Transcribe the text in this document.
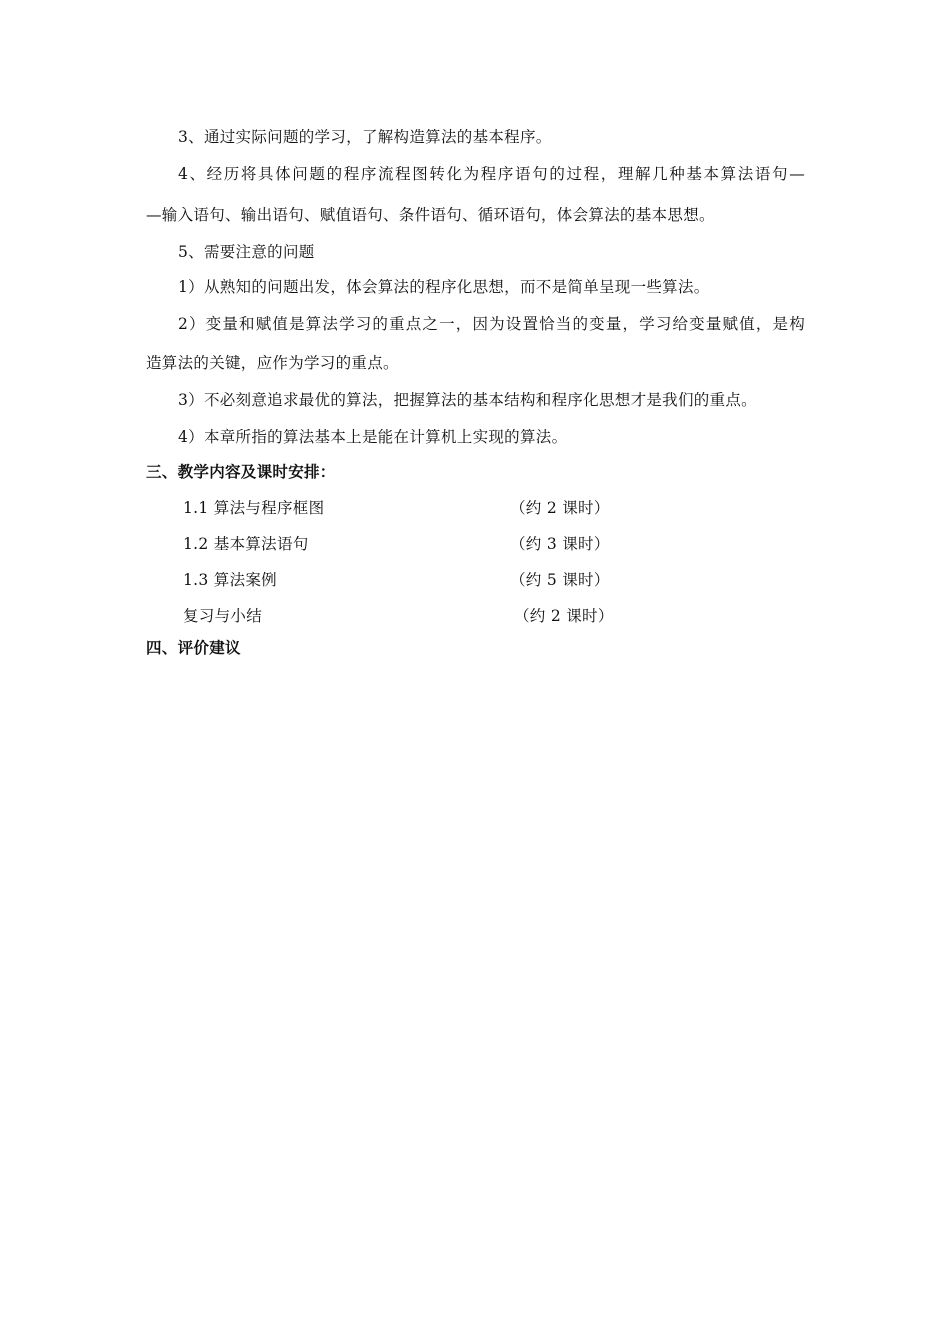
3、通过实际问题的学习，了解构造算法的基本程序。
4、经历将具体问题的程序流程图转化为程序语句的过程，理解几种基本算法语句—
—输入语句、输出语句、赋值语句、条件语句、循环语句，体会算法的基本思想。
5、需要注意的问题
1）从熟知的问题出发，体会算法的程序化思想，而不是简单呈现一些算法。
2）变量和赋值是算法学习的重点之一，因为设置恰当的变量，学习给变量赋值，是构
造算法的关键，应作为学习的重点。
3）不必刻意追求最优的算法，把握算法的基本结构和程序化思想才是我们的重点。
4）本章所指的算法基本上是能在计算机上实现的算法。
三、教学内容及课时安排：
1.1 算法与程序框图	（约 2 课时）
1.2 基本算法语句	（约 3 课时）
1.3 算法案例	（约 5 课时）
复习与小结	（约 2 课时）
四、评价建议
